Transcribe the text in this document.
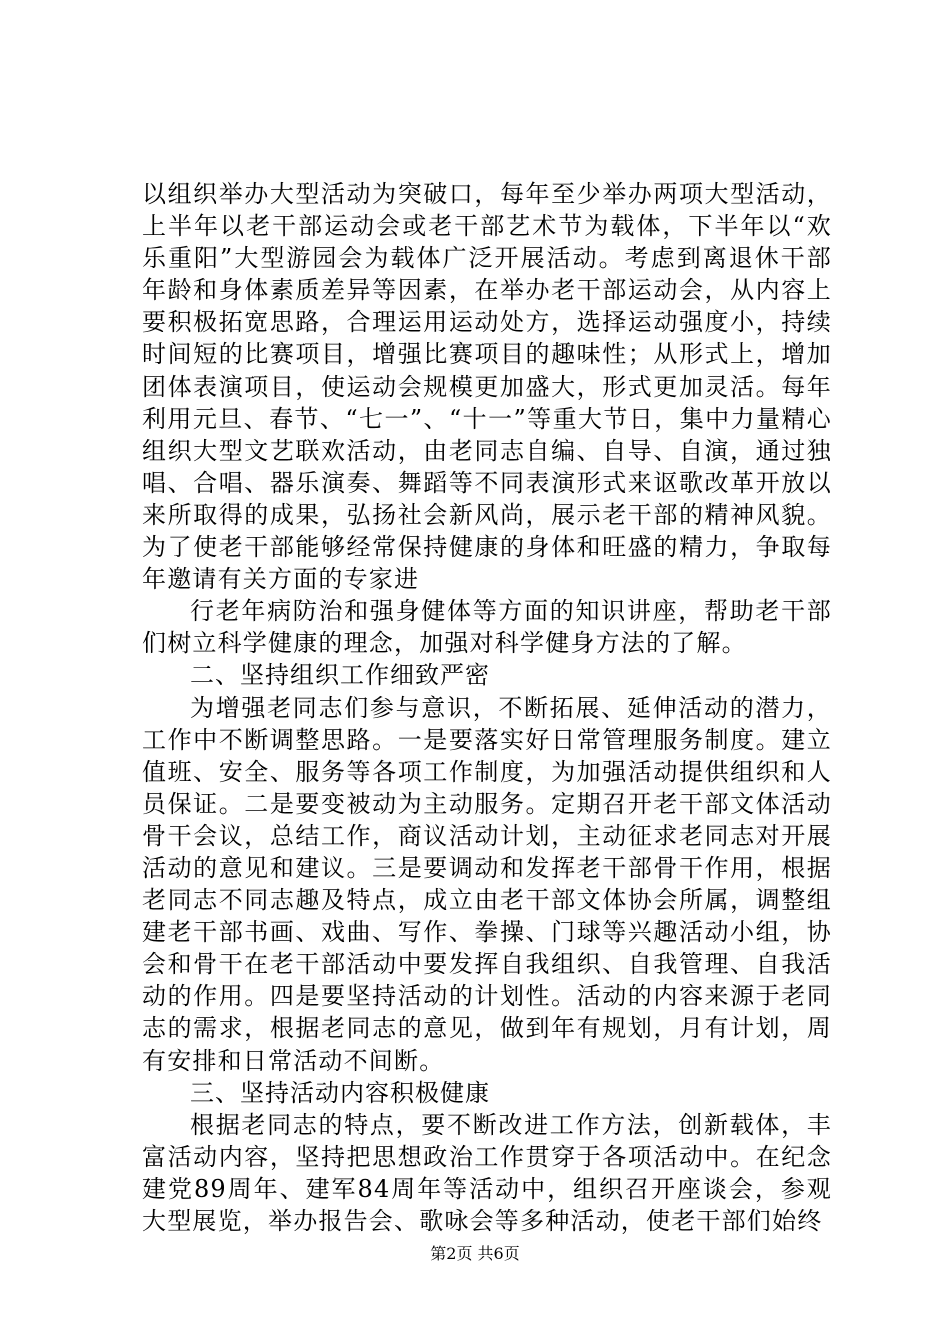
以组织举办大型活动为突破口，每年至少举办两项大型活动，上半年以老干部运动会或老干部艺术节为载体，下半年以“欢乐重阳”大型游园会为载体广泛开展活动。考虑到离退休干部年龄和身体素质差异等因素，在举办老干部运动会，从内容上要积极拓宽思路，合理运用运动处方，选择运动强度小，持续时间短的比赛项目，增强比赛项目的趣味性；从形式上，增加团体表演项目，使运动会规模更加盛大，形式更加灵活。每年利用元旦、春节、“七一”、“十一”等重大节日，集中力量精心组织大型文艺联欢活动，由老同志自编、自导、自演，通过独唱、合唱、器乐演奏、舞蹈等不同表演形式来讴歌改革开放以来所取得的成果，弘扬社会新风尚，展示老干部的精神风貌。为了使老干部能够经常保持健康的身体和旺盛的精力，争取每年邀请有关方面的专家进

行老年病防治和强身健体等方面的知识讲座，帮助老干部们树立科学健康的理念，加强对科学健身方法的了解。

二、坚持组织工作细致严密

为增强老同志们参与意识，不断拓展、延伸活动的潜力，工作中不断调整思路。一是要落实好日常管理服务制度。建立值班、安全、服务等各项工作制度，为加强活动提供组织和人员保证。二是要变被动为主动服务。定期召开老干部文体活动骨干会议，总结工作，商议活动计划，主动征求老同志对开展活动的意见和建议。三是要调动和发挥老干部骨干作用，根据老同志不同志趣及特点，成立由老干部文体协会所属，调整组建老干部书画、戏曲、写作、拳操、门球等兴趣活动小组，协会和骨干在老干部活动中要发挥自我组织、自我管理、自我活动的作用。四是要坚持活动的计划性。活动的内容来源于老同志的需求，根据老同志的意见，做到年有规划，月有计划，周有安排和日常活动不间断。

三、坚持活动内容积极健康

根据老同志的特点，要不断改进工作方法，创新载体，丰富活动内容，坚持把思想政治工作贯穿于各项活动中。在纪念建党89周年、建军84周年等活动中，组织召开座谈会，参观大型展览，举办报告会、歌咏会等多种活动，使老干部们始终

第2页 共6页
